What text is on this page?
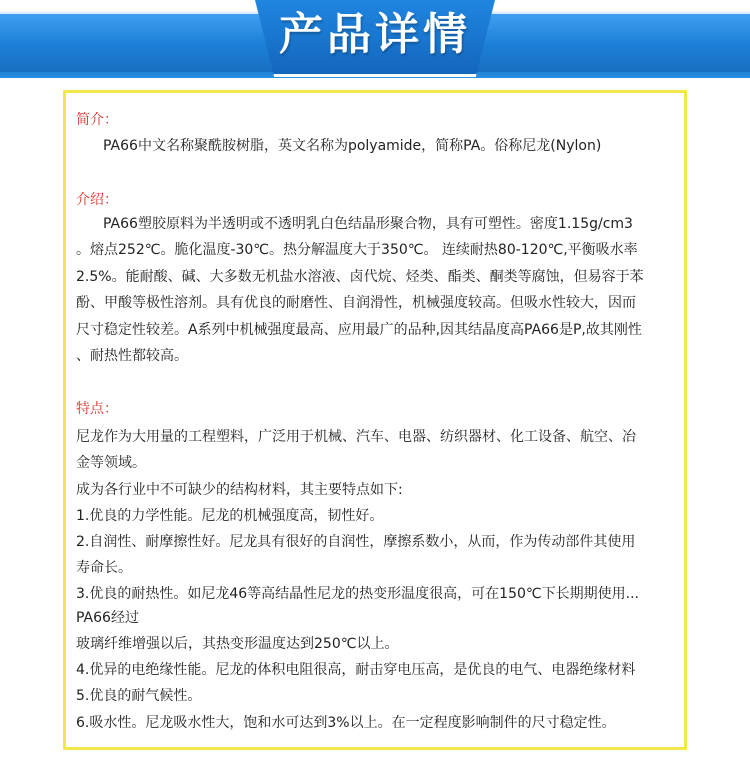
产品详情
简介：
PA66中文名称聚酰胺树脂，英文名称为polyamide，简称PA。俗称尼龙(Nylon)
介绍：
PA66塑胶原料为半透明或不透明乳白色结晶形聚合物，具有可塑性。密度1.15g/cm3
。熔点252℃。脆化温度-30℃。热分解温度大于350℃。 连续耐热80-120℃,平衡吸水率
2.5%。能耐酸、碱、大多数无机盐水溶液、卤代烷、烃类、酯类、酮类等腐蚀，但易容于苯
酚、甲酸等极性溶剂。具有优良的耐磨性、自润滑性，机械强度较高。但吸水性较大，因而
尺寸稳定性较差。A系列中机械强度最高、应用最广的品种,因其结晶度高PA66是P,故其刚性
、耐热性都较高。
特点：
尼龙作为大用量的工程塑料，广泛用于机械、汽车、电器、纺织器材、化工设备、航空、冶
金等领域。
成为各行业中不可缺少的结构材料，其主要特点如下:
1.优良的力学性能。尼龙的机械强度高，韧性好。
2.自润性、耐摩擦性好。尼龙具有很好的自润性，摩擦系数小，从而，作为传动部件其使用
寿命长。
3.优良的耐热性。如尼龙46等高结晶性尼龙的热变形温度很高，可在150℃下长期期使用...
PA66经过
玻璃纤维增强以后，其热变形温度达到250℃以上。
4.优异的电绝缘性能。尼龙的体积电阻很高，耐击穿电压高，是优良的电气、电器绝缘材料
5.优良的耐气候性。
6.吸水性。尼龙吸水性大，饱和水可达到3%以上。在一定程度影响制件的尺寸稳定性。
